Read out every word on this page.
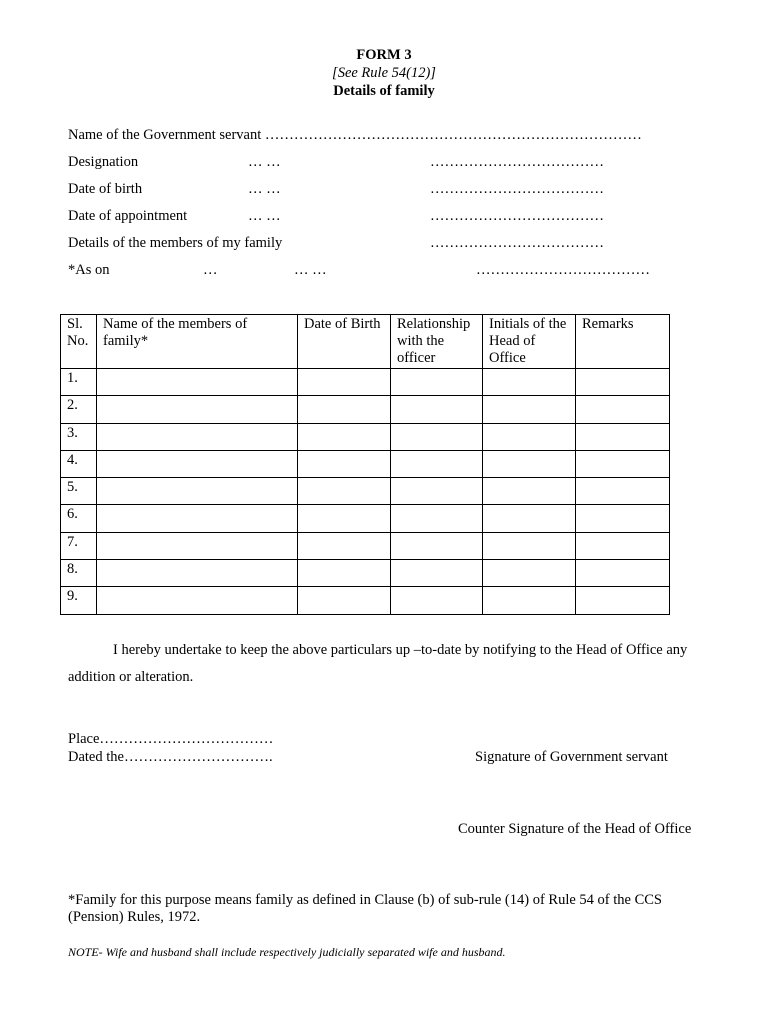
FORM 3
[See Rule 54(12)]
Details of family
Name of the Government servant ……………………………………………………………………
Designation	… …	………………………………
Date of birth	… …	………………………………
Date of appointment	… …	………………………………
Details of the members of my family	………………………………
*As on	…	… …	………………………………
Sl. No.	Name of the members of family*	Date of Birth	Relationship with the officer	Initials of the Head of Office	Remarks
1.					
2.					
3.					
4.					
5.					
6.					
7.					
8.					
9.					
I hereby undertake to keep the above particulars up –to-date by notifying to the Head of Office any addition or alteration.
Place………………………………
Dated the………………………….	Signature of Government servant
Counter Signature of the Head of Office
*Family for this purpose means family as defined in Clause (b) of sub-rule (14) of Rule 54 of the CCS (Pension) Rules, 1972.
NOTE- Wife and husband shall include respectively judicially separated wife and husband.
